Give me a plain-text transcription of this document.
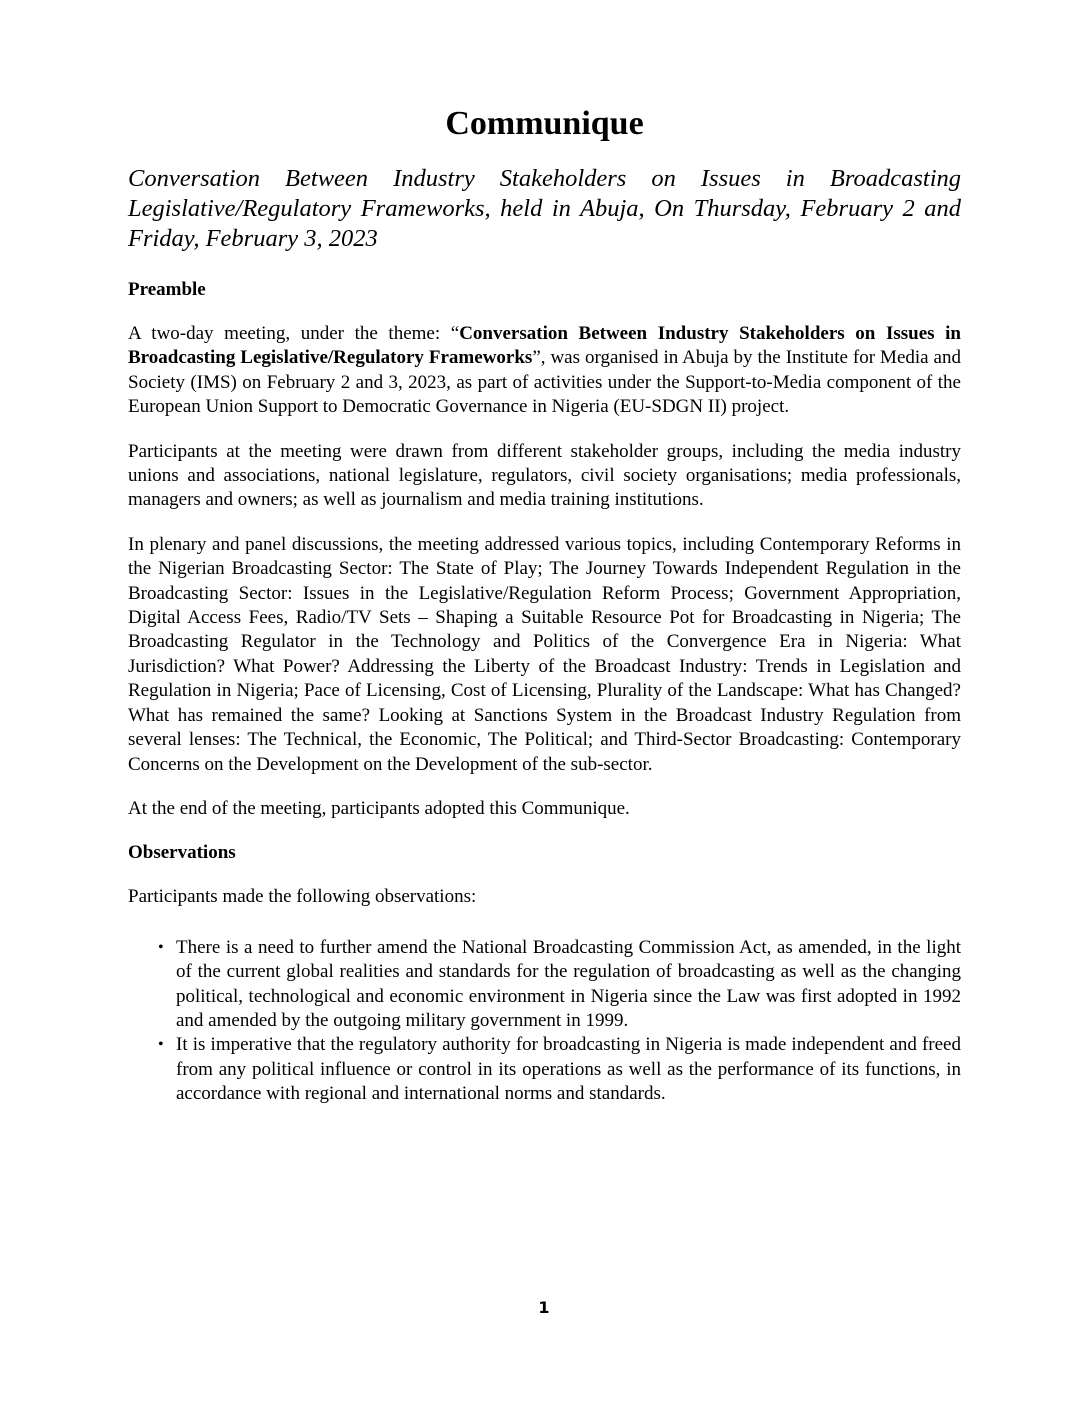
Communique
Conversation Between Industry Stakeholders on Issues in Broadcasting Legislative/Regulatory Frameworks, held in Abuja, On Thursday, February 2 and Friday, February 3, 2023
Preamble
A two-day meeting, under the theme: “Conversation Between Industry Stakeholders on Issues in Broadcasting Legislative/Regulatory Frameworks”, was organised in Abuja by the Institute for Media and Society (IMS) on February 2 and 3, 2023, as part of activities under the Support-to-Media component of the European Union Support to Democratic Governance in Nigeria (EU-SDGN II) project.
Participants at the meeting were drawn from different stakeholder groups, including the media industry unions and associations, national legislature, regulators, civil society organisations; media professionals, managers and owners; as well as journalism and media training institutions.
In plenary and panel discussions, the meeting addressed various topics, including Contemporary Reforms in the Nigerian Broadcasting Sector: The State of Play; The Journey Towards Independent Regulation in the Broadcasting Sector: Issues in the Legislative/Regulation Reform Process; Government Appropriation, Digital Access Fees, Radio/TV Sets – Shaping a Suitable Resource Pot for Broadcasting in Nigeria; The Broadcasting Regulator in the Technology and Politics of the Convergence Era in Nigeria: What Jurisdiction? What Power? Addressing the Liberty of the Broadcast Industry: Trends in Legislation and Regulation in Nigeria; Pace of Licensing, Cost of Licensing, Plurality of the Landscape: What has Changed? What has remained the same? Looking at Sanctions System in the Broadcast Industry Regulation from several lenses: The Technical, the Economic, The Political; and Third-Sector Broadcasting: Contemporary Concerns on the Development on the Development of the sub-sector.
At the end of the meeting, participants adopted this Communique.
Observations
Participants made the following observations:
• There is a need to further amend the National Broadcasting Commission Act, as amended, in the light of the current global realities and standards for the regulation of broadcasting as well as the changing political, technological and economic environment in Nigeria since the Law was first adopted in 1992 and amended by the outgoing military government in 1999.
• It is imperative that the regulatory authority for broadcasting in Nigeria is made independent and freed from any political influence or control in its operations as well as the performance of its functions, in accordance with regional and international norms and standards.
1
